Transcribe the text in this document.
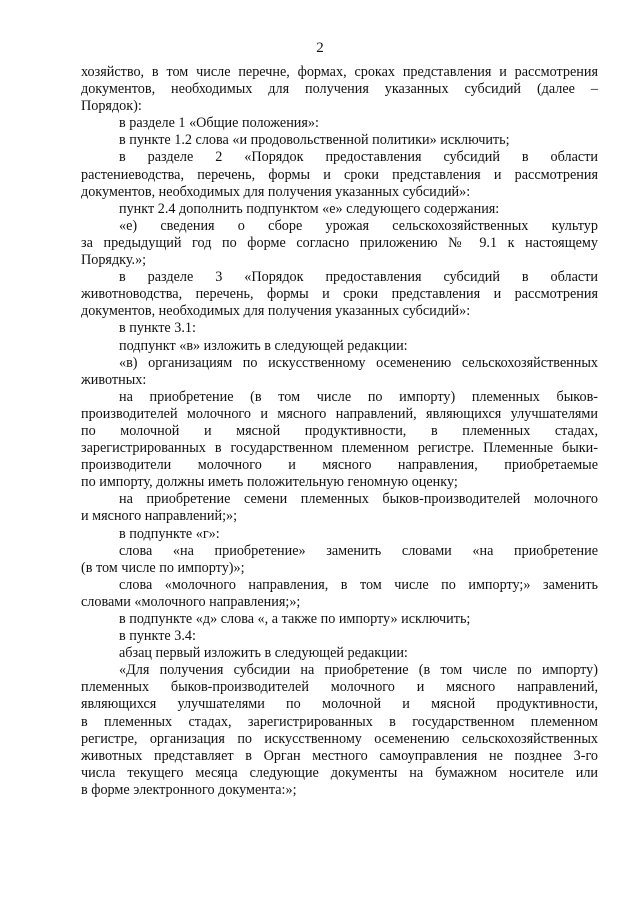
2
хозяйство, в том числе перечне, формах, сроках представления и рассмотрения
документов, необходимых для получения указанных субсидий (далее –
Порядок):
в разделе 1 «Общие положения»:
в пункте 1.2 слова «и продовольственной политики» исключить;
в разделе 2 «Порядок предоставления субсидий в области
растениеводства, перечень, формы и сроки представления и рассмотрения
документов, необходимых для получения указанных субсидий»:
пункт 2.4 дополнить подпунктом «е» следующего содержания:
«е) сведения о сборе урожая сельскохозяйственных культур
за предыдущий год по форме согласно приложению № 9.1 к настоящему
Порядку.»;
в разделе 3 «Порядок предоставления субсидий в области
животноводства, перечень, формы и сроки представления и рассмотрения
документов, необходимых для получения указанных субсидий»:
в пункте 3.1:
подпункт «в» изложить в следующей редакции:
«в) организациям по искусственному осеменению сельскохозяйственных
животных:
на приобретение (в том числе по импорту) племенных быков-
производителей молочного и мясного направлений, являющихся улучшателями
по молочной и мясной продуктивности, в племенных стадах,
зарегистрированных в государственном племенном регистре. Племенные быки-
производители молочного и мясного направления, приобретаемые
по импорту, должны иметь положительную геномную оценку;
на приобретение семени племенных быков-производителей молочного
и мясного направлений;»;
в подпункте «г»:
слова «на приобретение» заменить словами «на приобретение
(в том числе по импорту)»;
слова «молочного направления, в том числе по импорту;» заменить
словами «молочного направления;»;
в подпункте «д» слова «, а также по импорту» исключить;
в пункте 3.4:
абзац первый изложить в следующей редакции:
«Для получения субсидии на приобретение (в том числе по импорту)
племенных быков-производителей молочного и мясного направлений,
являющихся улучшателями по молочной и мясной продуктивности,
в племенных стадах, зарегистрированных в государственном племенном
регистре, организация по искусственному осеменению сельскохозяйственных
животных представляет в Орган местного самоуправления не позднее 3-го
числа текущего месяца следующие документы на бумажном носителе или
в форме электронного документа:»;
